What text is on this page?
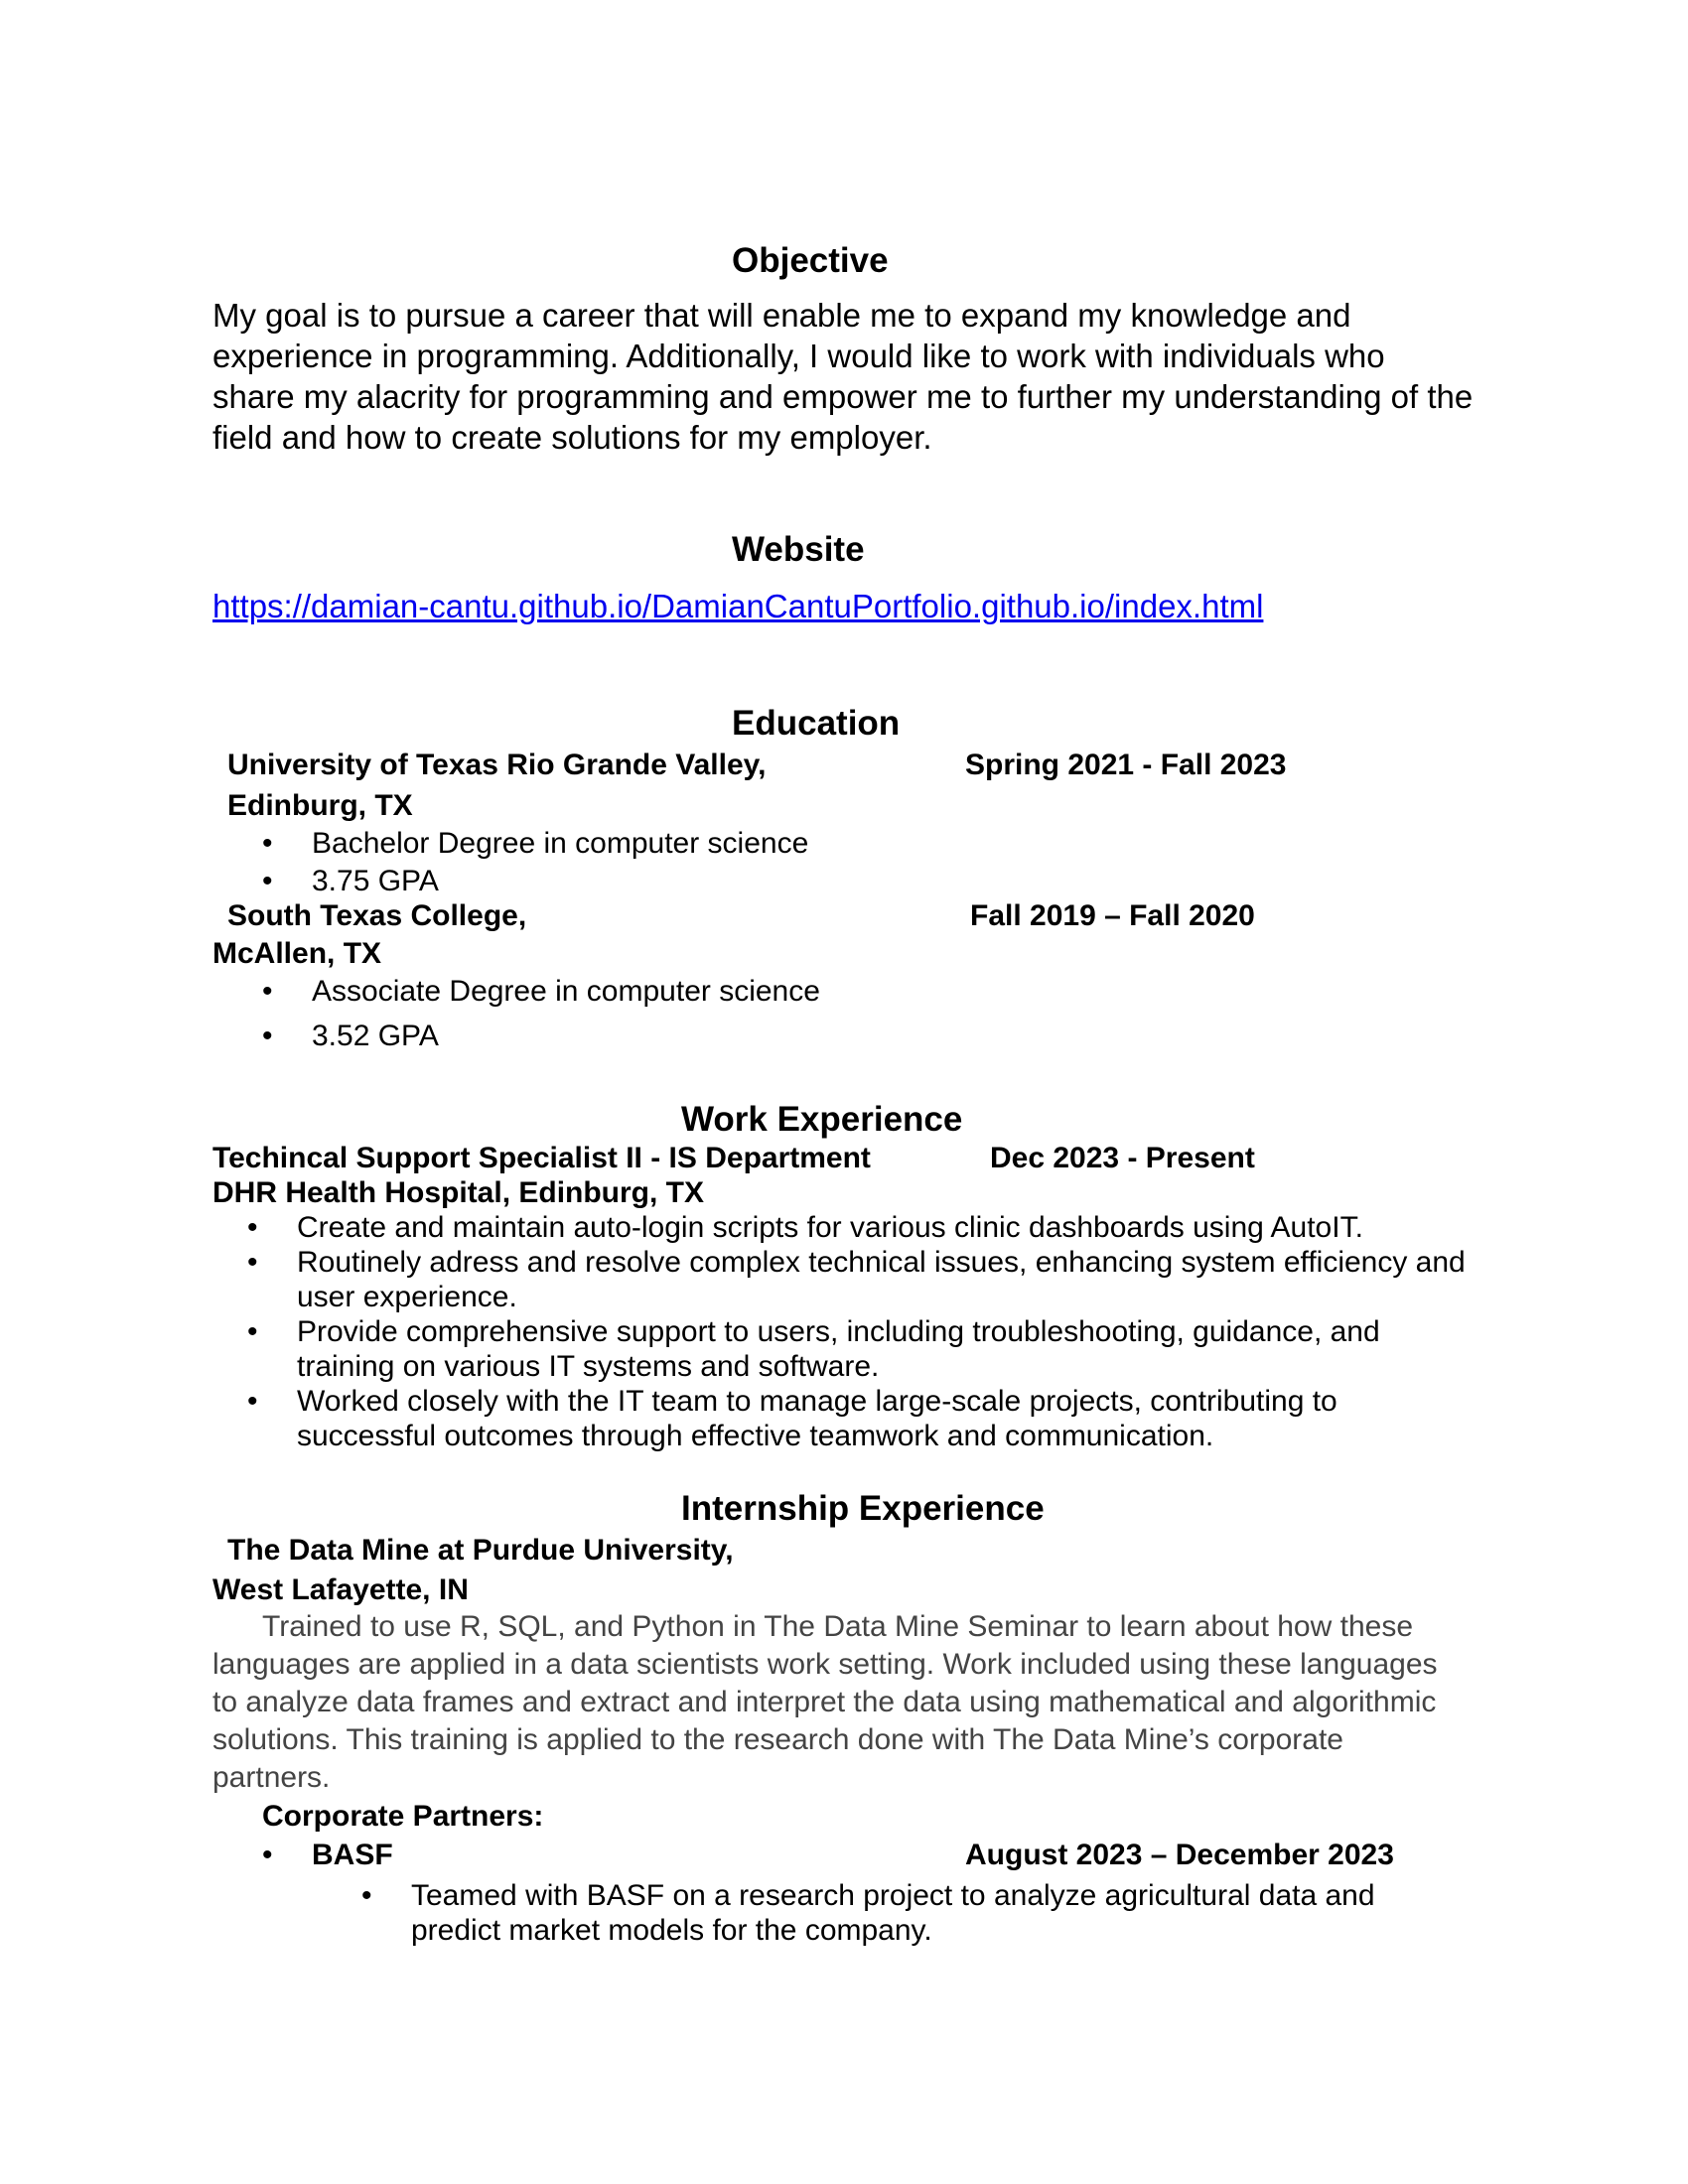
Objective
My goal is to pursue a career that will enable me to expand my knowledge and
experience in programming. Additionally, I would like to work with individuals who
share my alacrity for programming and empower me to further my understanding of the
field and how to create solutions for my employer.
Website
https://damian-cantu.github.io/DamianCantuPortfolio.github.io/index.html
Education
University of Texas Rio Grande Valley,	Spring 2021 - Fall 2023
Edinburg, TX
• Bachelor Degree in computer science
• 3.75 GPA
South Texas College,	Fall 2019 – Fall 2020
McAllen, TX
• Associate Degree in computer science
• 3.52 GPA
Work Experience
Techincal Support Specialist II - IS Department	Dec 2023 - Present
DHR Health Hospital, Edinburg, TX
• Create and maintain auto-login scripts for various clinic dashboards using AutoIT.
• Routinely adress and resolve complex technical issues, enhancing system efficiency and
user experience.
• Provide comprehensive support to users, including troubleshooting, guidance, and
training on various IT systems and software.
• Worked closely with the IT team to manage large-scale projects, contributing to
successful outcomes through effective teamwork and communication.
Internship Experience
The Data Mine at Purdue University,
West Lafayette, IN
Trained to use R, SQL, and Python in The Data Mine Seminar to learn about how these
languages are applied in a data scientists work setting. Work included using these languages
to analyze data frames and extract and interpret the data using mathematical and algorithmic
solutions. This training is applied to the research done with The Data Mine’s corporate
partners.
Corporate Partners:
• BASF	August 2023 – December 2023
• Teamed with BASF on a research project to analyze agricultural data and
predict market models for the company.
